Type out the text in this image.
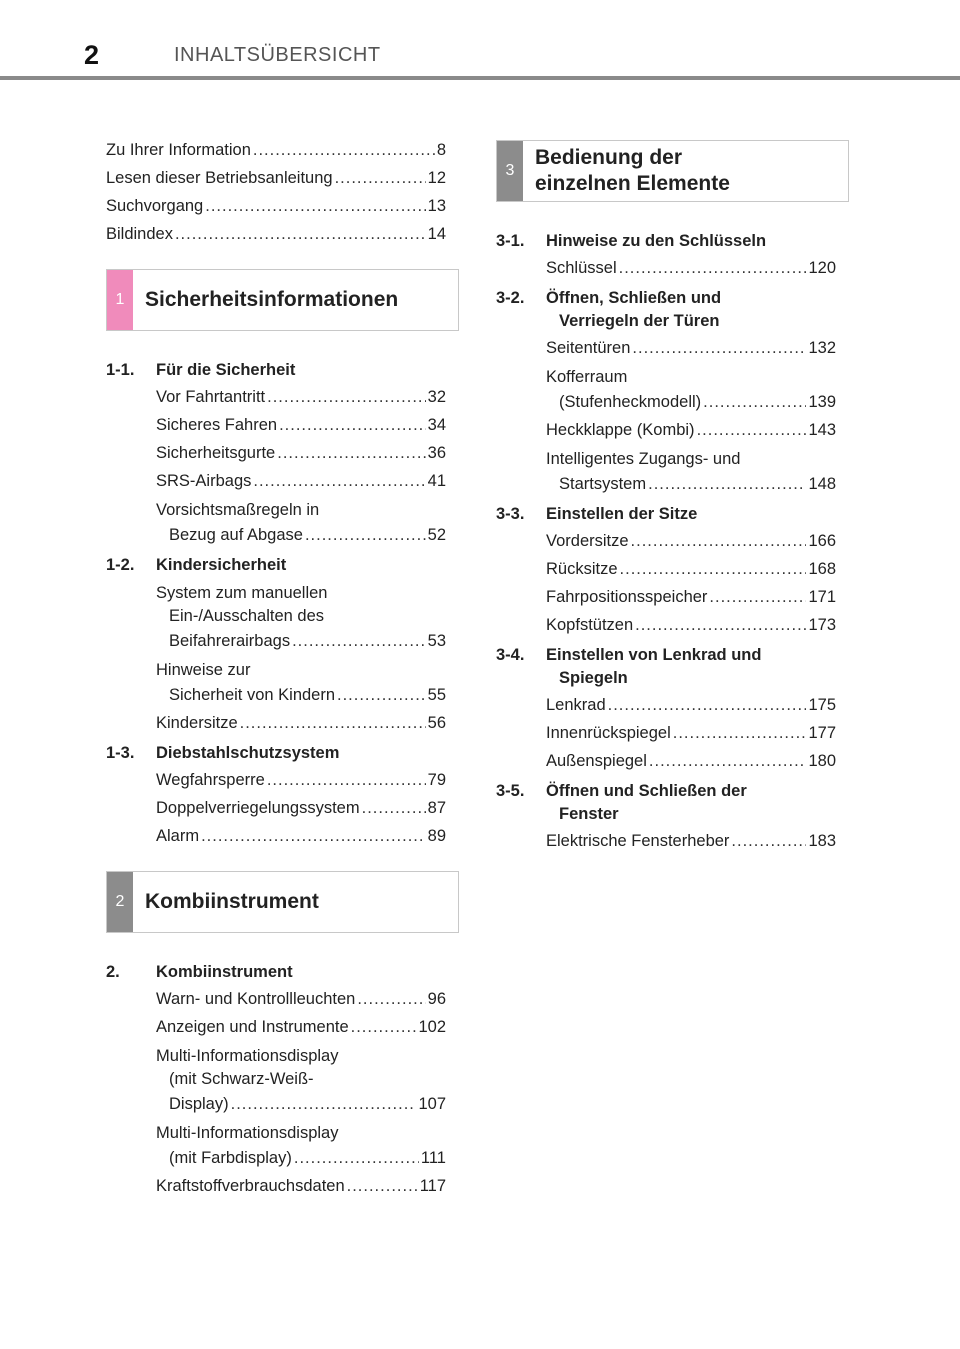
2	INHALTSÜBERSICHT
Zu Ihrer Information .....	8
Lesen dieser Betriebsanleitung .....	12
Suchvorgang .....	13
Bildindex .....	14
1 Sicherheitsinformationen
1-1.	Für die Sicherheit
Vor Fahrtantritt .....	32
Sicheres Fahren .....	34
Sicherheitsgurte .....	36
SRS-Airbags .....	41
Vorsichtsmaßregeln in
Bezug auf Abgase .....	52
1-2.	Kindersicherheit
System zum manuellen
Ein-/Ausschalten des
Beifahrerairbags .....	53
Hinweise zur
Sicherheit von Kindern .....	55
Kindersitze .....	56
1-3.	Diebstahlschutzsystem
Wegfahrsperre .....	79
Doppelverriegelungssystem .....	87
Alarm .....	89
2 Kombiinstrument
2.	Kombiinstrument
Warn- und Kontrollleuchten .....	96
Anzeigen und Instrumente .....	102
Multi-Informationsdisplay
(mit Schwarz-Weiß-
Display) .....	107
Multi-Informationsdisplay
(mit Farbdisplay) .....	111
Kraftstoffverbrauchsdaten .....	117
3
Bedienung der
einzelnen Elemente
3-1.	Hinweise zu den Schlüsseln
Schlüssel .....	120
3-2.	Öffnen, Schließen und
Verriegeln der Türen
Seitentüren .....	132
Kofferraum
(Stufenheckmodell) .....	139
Heckklappe (Kombi) .....	143
Intelligentes Zugangs- und
Startsystem .....	148
3-3.	Einstellen der Sitze
Vordersitze .....	166
Rücksitze .....	168
Fahrpositionsspeicher .....	171
Kopfstützen .....	173
3-4.	Einstellen von Lenkrad und
Spiegeln
Lenkrad .....	175
Innenrückspiegel .....	177
Außenspiegel .....	180
3-5.	Öffnen und Schließen der
Fenster
Elektrische Fensterheber .....	183
